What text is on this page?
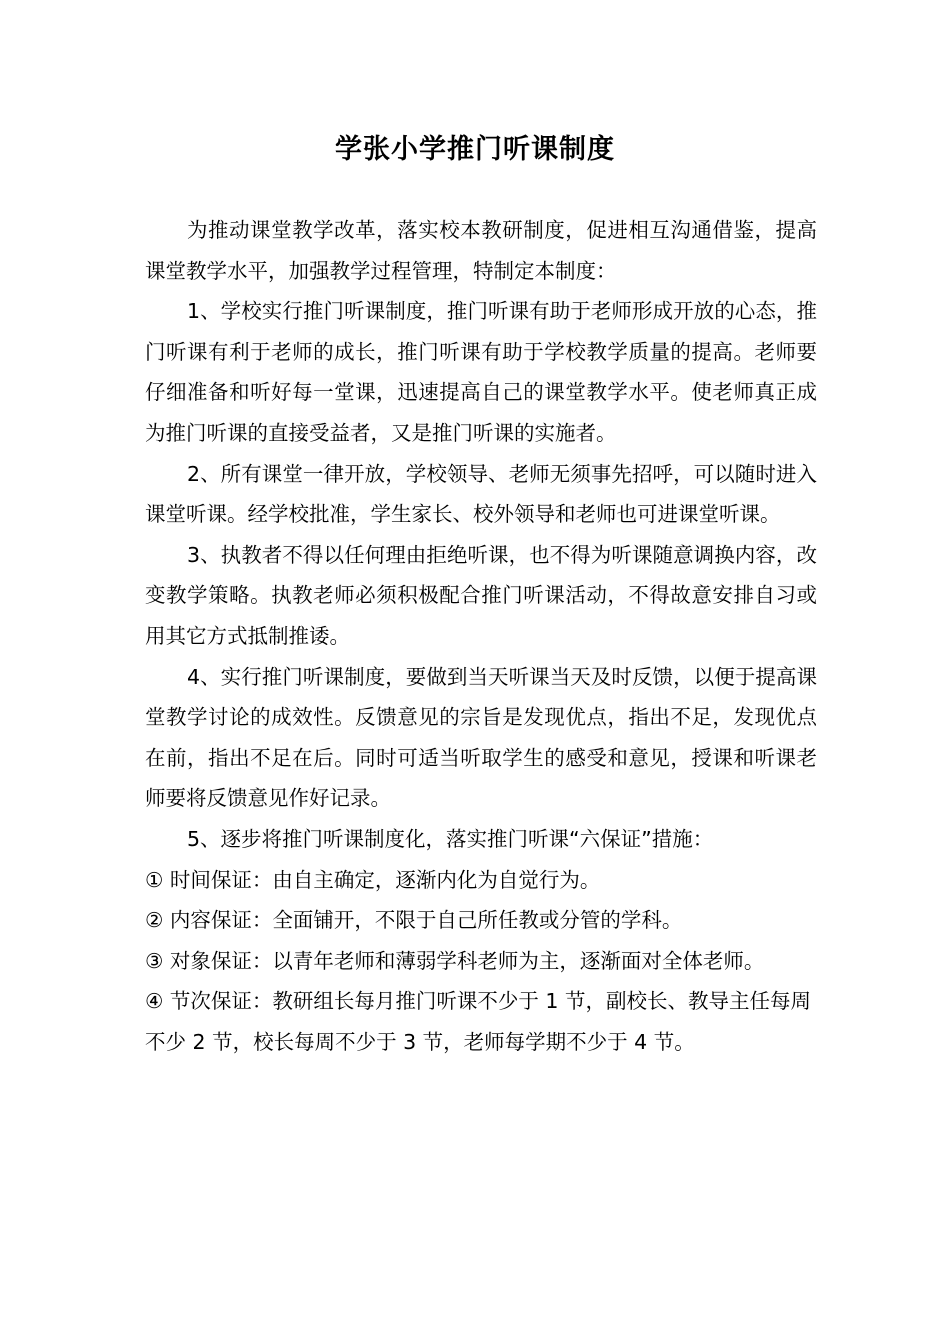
学张小学推门听课制度

为推动课堂教学改革，落实校本教研制度，促进相互沟通借鉴，提高课堂教学水平，加强教学过程管理，特制定本制度：

1、学校实行推门听课制度，推门听课有助于老师形成开放的心态，推门听课有利于老师的成长，推门听课有助于学校教学质量的提高。老师要仔细准备和听好每一堂课，迅速提高自己的课堂教学水平。使老师真正成为推门听课的直接受益者，又是推门听课的实施者。

2、所有课堂一律开放，学校领导、老师无须事先招呼，可以随时进入课堂听课。经学校批准，学生家长、校外领导和老师也可进课堂听课。

3、执教者不得以任何理由拒绝听课，也不得为听课随意调换内容，改变教学策略。执教老师必须积极配合推门听课活动，不得故意安排自习或用其它方式抵制推诿。

4、实行推门听课制度，要做到当天听课当天及时反馈，以便于提高课堂教学讨论的成效性。反馈意见的宗旨是发现优点，指出不足，发现优点在前，指出不足在后。同时可适当听取学生的感受和意见，授课和听课老师要将反馈意见作好记录。

5、逐步将推门听课制度化，落实推门听课“六保证”措施：

① 时间保证：由自主确定，逐渐内化为自觉行为。

② 内容保证：全面铺开，不限于自己所任教或分管的学科。

③ 对象保证：以青年老师和薄弱学科老师为主，逐渐面对全体老师。

④ 节次保证：教研组长每月推门听课不少于 1 节，副校长、教导主任每周不少 2 节，校长每周不少于 3 节，老师每学期不少于 4 节。
